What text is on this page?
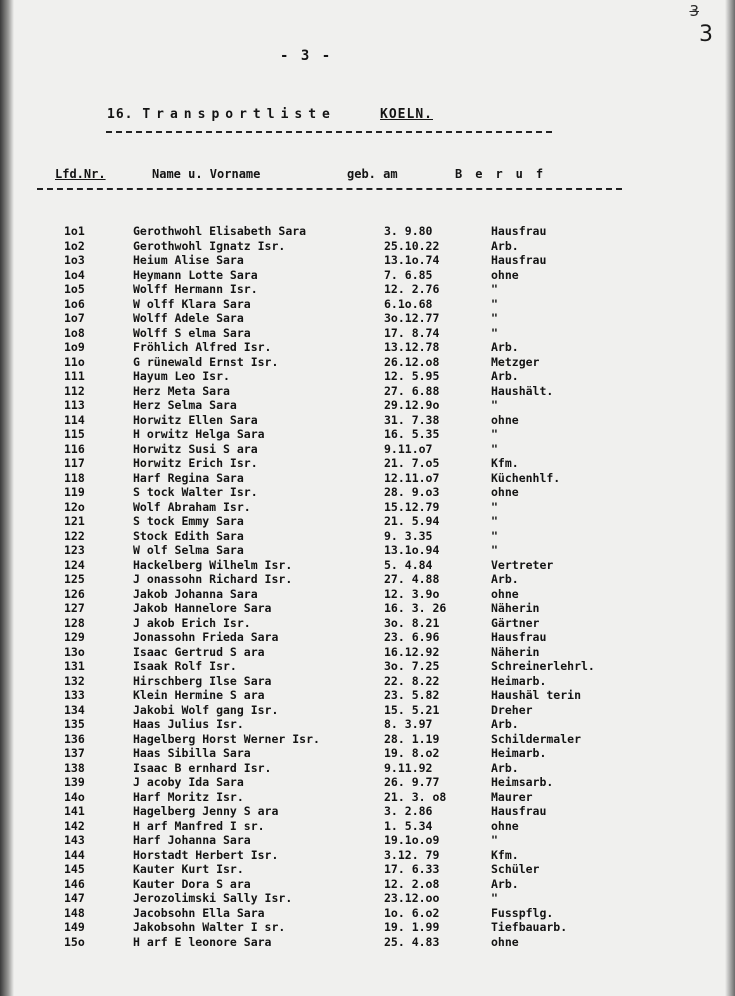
3
3
- 3 -
16. Transportliste	KOELN.
Lfd.Nr.	Name u. Vorname	geb. am	Beruf
1o1	Gerothwohl Elisabeth Sara	3. 9.80	Hausfrau
1o2	Gerothwohl Ignatz Isr.	25.10.22	Arb.
1o3	Heium Alise Sara	13.1o.74	Hausfrau
1o4	Heymann Lotte Sara	7. 6.85	ohne
1o5	Wolff Hermann Isr.	12. 2.76	"
1o6	W olff Klara Sara	6.1o.68	"
1o7	Wolff Adele Sara	3o.12.77	"
1o8	Wolff S elma Sara	17. 8.74	"
1o9	Fröhlich Alfred Isr.	13.12.78	Arb.
11o	G rünewald Ernst Isr.	26.12.o8	Metzger
111	Hayum Leo Isr.	12. 5.95	Arb.
112	Herz Meta Sara	27. 6.88	Haushält.
113	Herz Selma Sara	29.12.9o	"
114	Horwitz Ellen Sara	31. 7.38	ohne
115	H orwitz Helga Sara	16. 5.35	"
116	Horwitz Susi S ara	9.11.o7	"
117	Horwitz Erich Isr.	21. 7.o5	Kfm.
118	Harf Regina Sara	12.11.o7	Küchenhlf.
119	S tock Walter Isr.	28. 9.o3	ohne
12o	Wolf Abraham Isr.	15.12.79	"
121	S tock Emmy Sara	21. 5.94	"
122	Stock Edith Sara	9. 3.35	"
123	W olf Selma Sara	13.1o.94	"
124	Hackelberg Wilhelm Isr.	5. 4.84	Vertreter
125	J onassohn Richard Isr.	27. 4.88	Arb.
126	Jakob Johanna Sara	12. 3.9o	ohne
127	Jakob Hannelore Sara	16. 3. 26	Näherin
128	J akob Erich Isr.	3o. 8.21	Gärtner
129	Jonassohn Frieda Sara	23. 6.96	Hausfrau
13o	Isaac Gertrud S ara	16.12.92	Näherin
131	Isaak Rolf Isr.	3o. 7.25	Schreinerlehrl.
132	Hirschberg Ilse Sara	22. 8.22	Heimarb.
133	Klein Hermine S ara	23. 5.82	Haushäl terin
134	Jakobi Wolf gang Isr.	15. 5.21	Dreher
135	Haas Julius Isr.	8. 3.97	Arb.
136	Hagelberg Horst Werner Isr.	28. 1.19	Schildermaler
137	Haas Sibilla Sara	19. 8.o2	Heimarb.
138	Isaac B ernhard Isr.	9.11.92	Arb.
139	J acoby Ida Sara	26. 9.77	Heimsarb.
14o	Harf Moritz Isr.	21. 3. o8	Maurer
141	Hagelberg Jenny S ara	3. 2.86	Hausfrau
142	H arf Manfred I sr.	1. 5.34	ohne
143	Harf Johanna Sara	19.1o.o9	"
144	Horstadt Herbert Isr.	3.12. 79	Kfm.
145	Kauter Kurt Isr.	17. 6.33	Schüler
146	Kauter Dora S ara	12. 2.o8	Arb.
147	Jerozolimski Sally Isr.	23.12.oo	"
148	Jacobsohn Ella Sara	1o. 6.o2	Fusspflg.
149	Jakobsohn Walter I sr.	19. 1.99	Tiefbauarb.
15o	H arf E leonore Sara	25. 4.83	ohne
